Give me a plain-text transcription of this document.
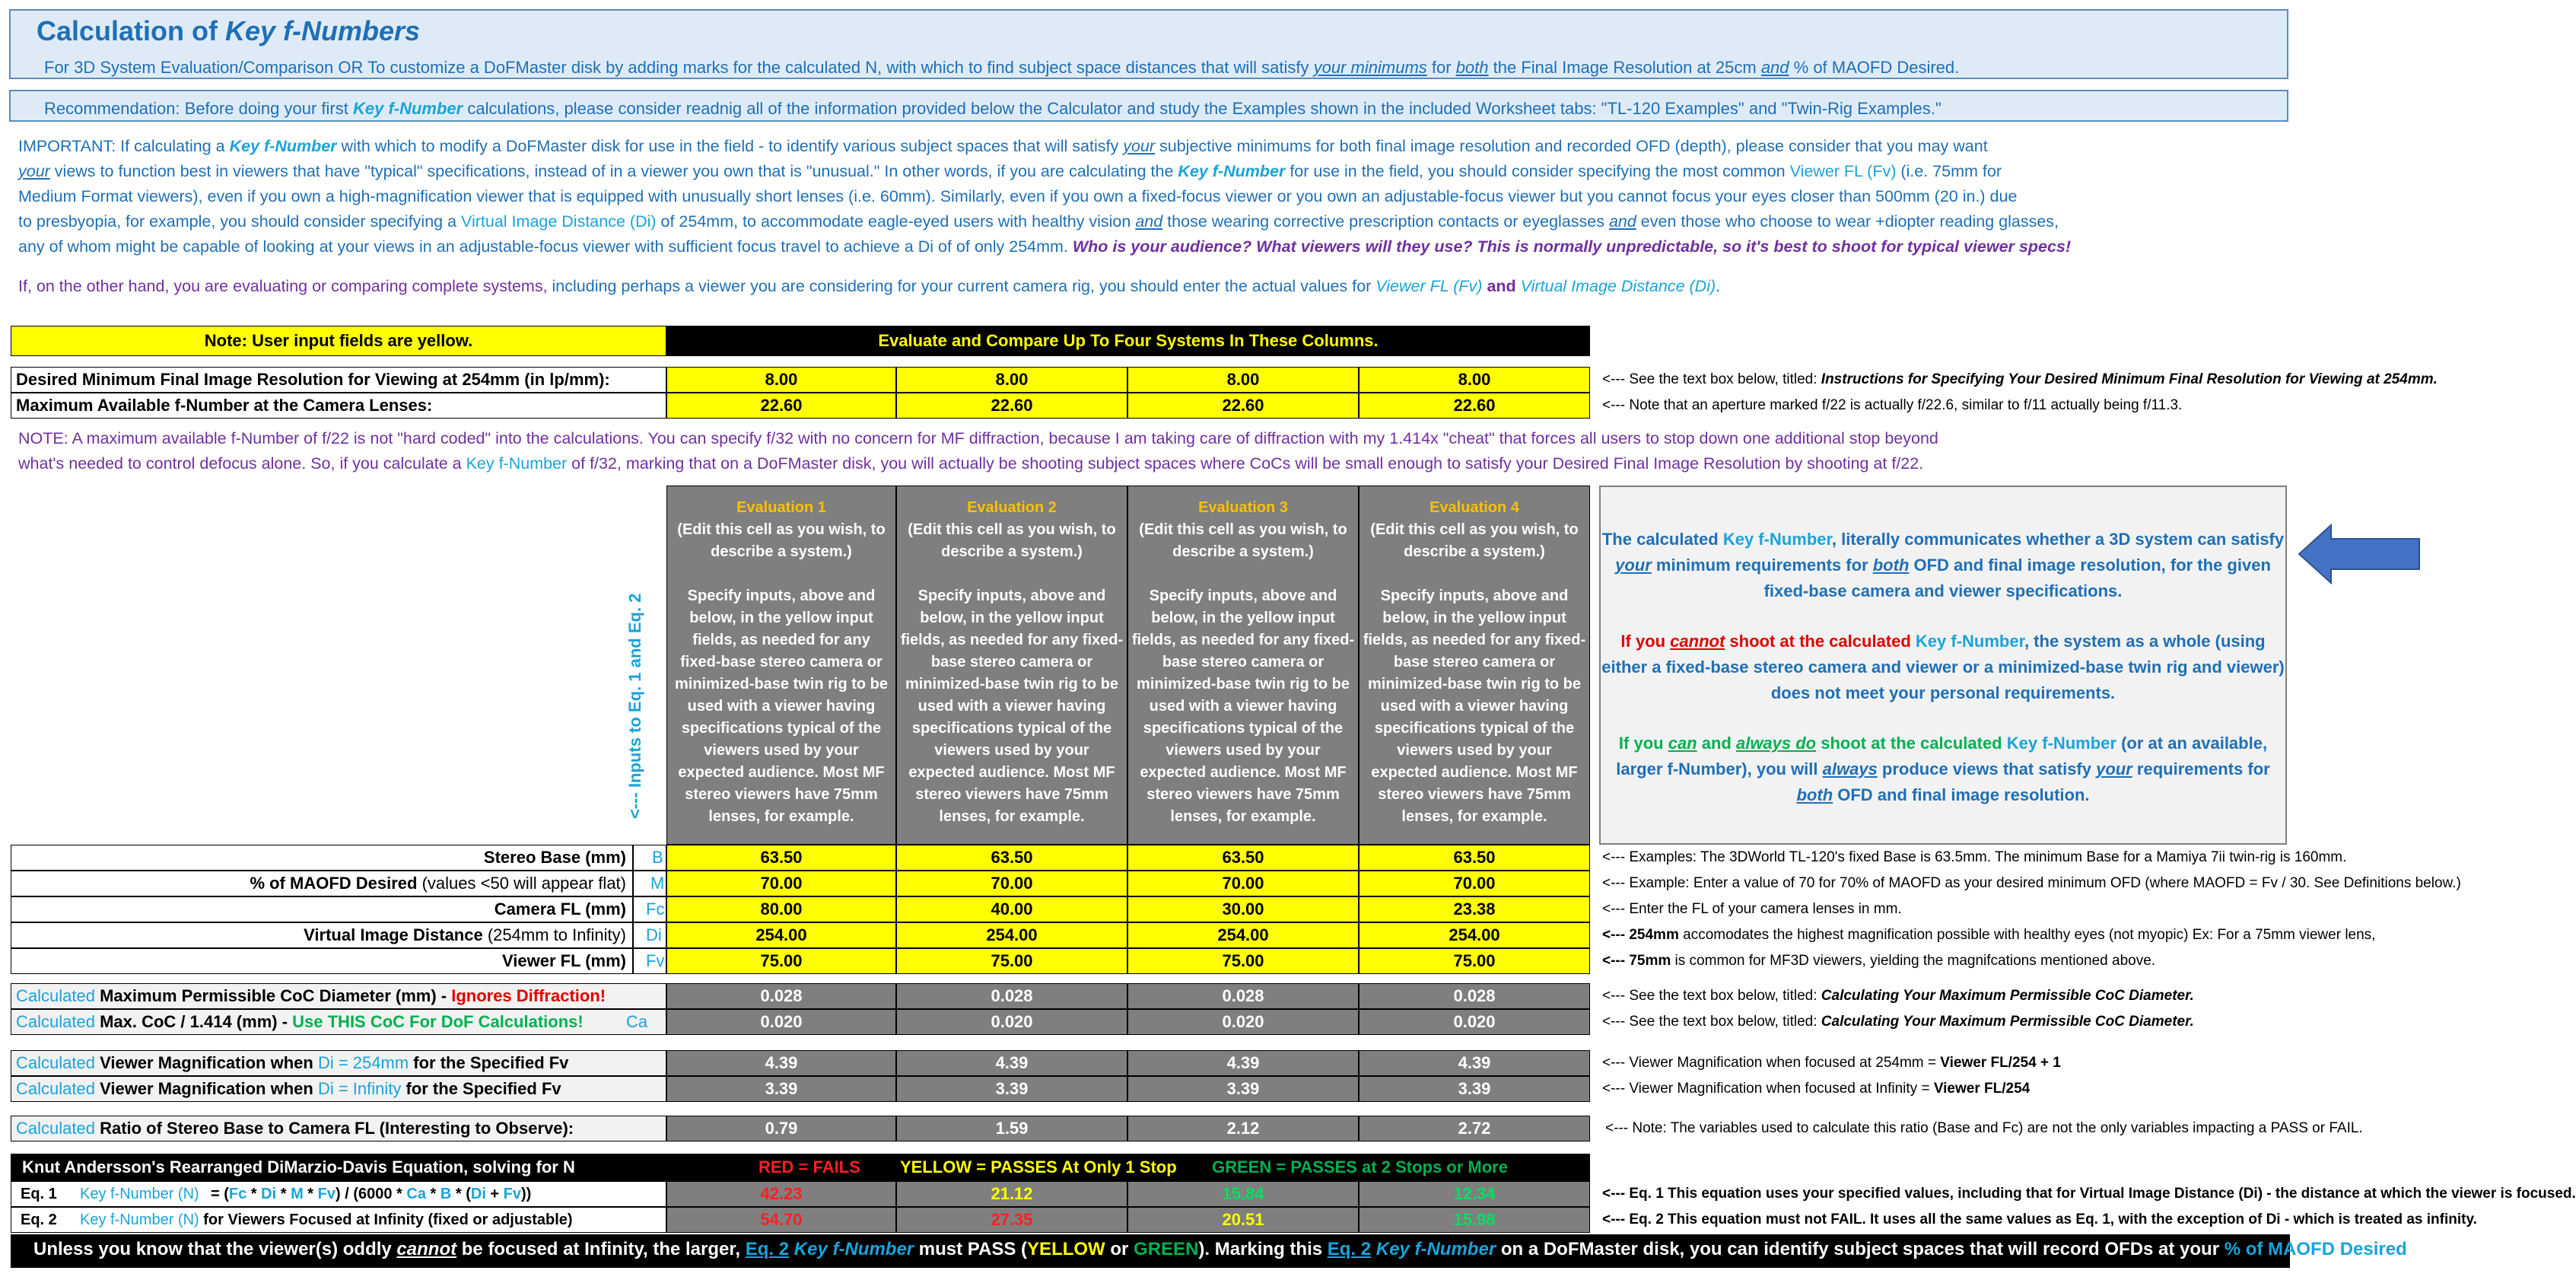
Calculation of Key f-Numbers
For 3D System Evaluation/Comparison OR To customize a DoFMaster disk by adding marks for the calculated N, with which to find subject space distances that will satisfy your minimums for both the Final Image Resolution at 25cm and % of MAOFD Desired.
Recommendation: Before doing your first Key f-Number calculations, please consider readnig all of the information provided below the Calculator and study the Examples shown in the included Worksheet tabs: "TL-120 Examples" and "Twin-Rig Examples."
IMPORTANT: If calculating a Key f-Number with which to modify a DoFMaster disk for use in the field - to identify various subject spaces that will satisfy your subjective minimums for both final image resolution and recorded OFD (depth), please consider that you may want
your views to function best in viewers that have "typical" specifications, instead of in a viewer you own that is "unusual." In other words, if you are calculating the Key f-Number for use in the field, you should consider specifying the most common Viewer FL (Fv) (i.e. 75mm for
Medium Format viewers), even if you own a high-magnification viewer that is equipped with unusually short lenses (i.e. 60mm). Similarly, even if you own a fixed-focus viewer or you own an adjustable-focus viewer but you cannot focus your eyes closer than 500mm (20 in.) due
to presbyopia, for example, you should consider specifying a Virtual Image Distance (Di) of 254mm, to accommodate eagle-eyed users with healthy vision and those wearing corrective prescription contacts or eyeglasses and even those who choose to wear +diopter reading glasses,
any of whom might be capable of looking at your views in an adjustable-focus viewer with sufficient focus travel to achieve a Di of of only 254mm. Who is your audience? What viewers will they use? This is normally unpredictable, so it's best to shoot for typical viewer specs!
If, on the other hand, you are evaluating or comparing complete systems, including perhaps a viewer you are considering for your current camera rig, you should enter the actual values for Viewer FL (Fv) and Virtual Image Distance (Di).
Note: User input fields are yellow.	Evaluate and Compare Up To Four Systems In These Columns.
Desired Minimum Final Image Resolution for Viewing at 254mm (in lp/mm):	8.00	8.00	8.00	8.00	<--- See the text box below, titled: Instructions for Specifying Your Desired Minimum Final Resolution for Viewing at 254mm.
Maximum Available f-Number at the Camera Lenses:	22.60	22.60	22.60	22.60	<--- Note that an aperture marked f/22 is actually f/22.6, similar to f/11 actually being f/11.3.
NOTE: A maximum available f-Number of f/22 is not "hard coded" into the calculations. You can specify f/32 with no concern for MF diffraction, because I am taking care of diffraction with my 1.414x "cheat" that forces all users to stop down one additional stop beyond
what's needed to control defocus alone. So, if you calculate a Key f-Number of f/32, marking that on a DoFMaster disk, you will actually be shooting subject spaces where CoCs will be small enough to satisfy your Desired Final Image Resolution by shooting at f/22.
<--- Inputs to Eq. 1 and Eq. 2
Evaluation 1
(Edit this cell as you wish, to describe a system.)

Specify inputs, above and below, in the yellow input fields, as needed for any fixed-base stereo camera or minimized-base twin rig to be used with a viewer having specifications typical of the viewers used by your expected audience. Most MF stereo viewers have 75mm lenses, for example.
Evaluation 2
(Edit this cell as you wish, to describe a system.)

Specify inputs, above and below, in the yellow input fields, as needed for any fixed-base stereo camera or minimized-base twin rig to be used with a viewer having specifications typical of the viewers used by your expected audience. Most MF stereo viewers have 75mm lenses, for example.
Evaluation 3
(Edit this cell as you wish, to describe a system.)

Specify inputs, above and below, in the yellow input fields, as needed for any fixed-base stereo camera or minimized-base twin rig to be used with a viewer having specifications typical of the viewers used by your expected audience. Most MF stereo viewers have 75mm lenses, for example.
Evaluation 4
(Edit this cell as you wish, to describe a system.)

Specify inputs, above and below, in the yellow input fields, as needed for any fixed-base stereo camera or minimized-base twin rig to be used with a viewer having specifications typical of the viewers used by your expected audience. Most MF stereo viewers have 75mm lenses, for example.

The calculated Key f-Number, literally communicates whether a 3D system can satisfy your minimum requirements for both OFD and final image resolution, for the given fixed-base camera and viewer specifications.

If you cannot shoot at the calculated Key f-Number, the system as a whole (using either a fixed-base stereo camera and viewer or a minimized-base twin rig and viewer) does not meet your personal requirements.

If you can and always do shoot at the calculated Key f-Number (or at an available, larger f-Number), you will always produce views that satisfy your requirements for both OFD and final image resolution.

Stereo Base (mm)	B	63.50	63.50	63.50	63.50	<--- Examples: The 3DWorld TL-120's fixed Base is 63.5mm. The minimum Base for a Mamiya 7ii twin-rig is 160mm.
% of MAOFD Desired (values <50 will appear flat)	M	70.00	70.00	70.00	70.00	<--- Example: Enter a value of 70 for 70% of MAOFD as your desired minimum OFD (where MAOFD = Fv / 30. See Definitions below.)
Camera FL (mm)	Fc	80.00	40.00	30.00	23.38	<--- Enter the FL of your camera lenses in mm.
Virtual Image Distance (254mm to Infinity)	Di	254.00	254.00	254.00	254.00	<--- 254mm accomodates the highest magnification possible with healthy eyes (not myopic) Ex: For a 75mm viewer lens,
Viewer FL (mm)	Fv	75.00	75.00	75.00	75.00	<--- 75mm is common for MF3D viewers, yielding the magnifcations mentioned above.
Calculated Maximum Permissible CoC Diameter (mm) - Ignores Diffraction!	0.028	0.028	0.028	0.028	<--- See the text box below, titled: Calculating Your Maximum Permissible CoC Diameter.
Calculated Max. CoC / 1.414 (mm) - Use THIS CoC For DoF Calculations!	Ca	0.020	0.020	0.020	0.020	<--- See the text box below, titled: Calculating Your Maximum Permissible CoC Diameter.
Calculated Viewer Magnification when Di = 254mm for the Specified Fv	4.39	4.39	4.39	4.39	<--- Viewer Magnification when focused at 254mm = Viewer FL/254 + 1
Calculated Viewer Magnification when Di = Infinity for the Specified Fv	3.39	3.39	3.39	3.39	<--- Viewer Magnification when focused at Infinity = Viewer FL/254
Calculated Ratio of Stereo Base to Camera FL (Interesting to Observe):	0.79	1.59	2.12	2.72	<--- Note: The variables used to calculate this ratio (Base and Fc) are not the only variables impacting a PASS or FAIL.
Knut Andersson's Rearranged DiMarzio-Davis Equation, solving for N	RED = FAILS YELLOW = PASSES At Only 1 Stop GREEN = PASSES at 2 Stops or More
Eq. 1 Key f-Number (N) = (Fc * Di * M * Fv) / (6000 * Ca * B * (Di + Fv))	42.23	21.12	15.84	12.34	<--- Eq. 1 This equation uses your specified values, including that for Virtual Image Distance (Di) - the distance at which the viewer is focused.
Eq. 2 Key f-Number (N) for Viewers Focused at Infinity (fixed or adjustable)	54.70	27.35	20.51	15.98	<--- Eq. 2 This equation must not FAIL. It uses all the same values as Eq. 1, with the exception of Di - which is treated as infinity.
Unless you know that the viewer(s) oddly cannot be focused at Infinity, the larger, Eq. 2 Key f-Number must PASS (YELLOW or GREEN). Marking this Eq. 2 Key f-Number on a DoFMaster disk, you can identify subject spaces that will record OFDs at your % of MAOFD Desired.
